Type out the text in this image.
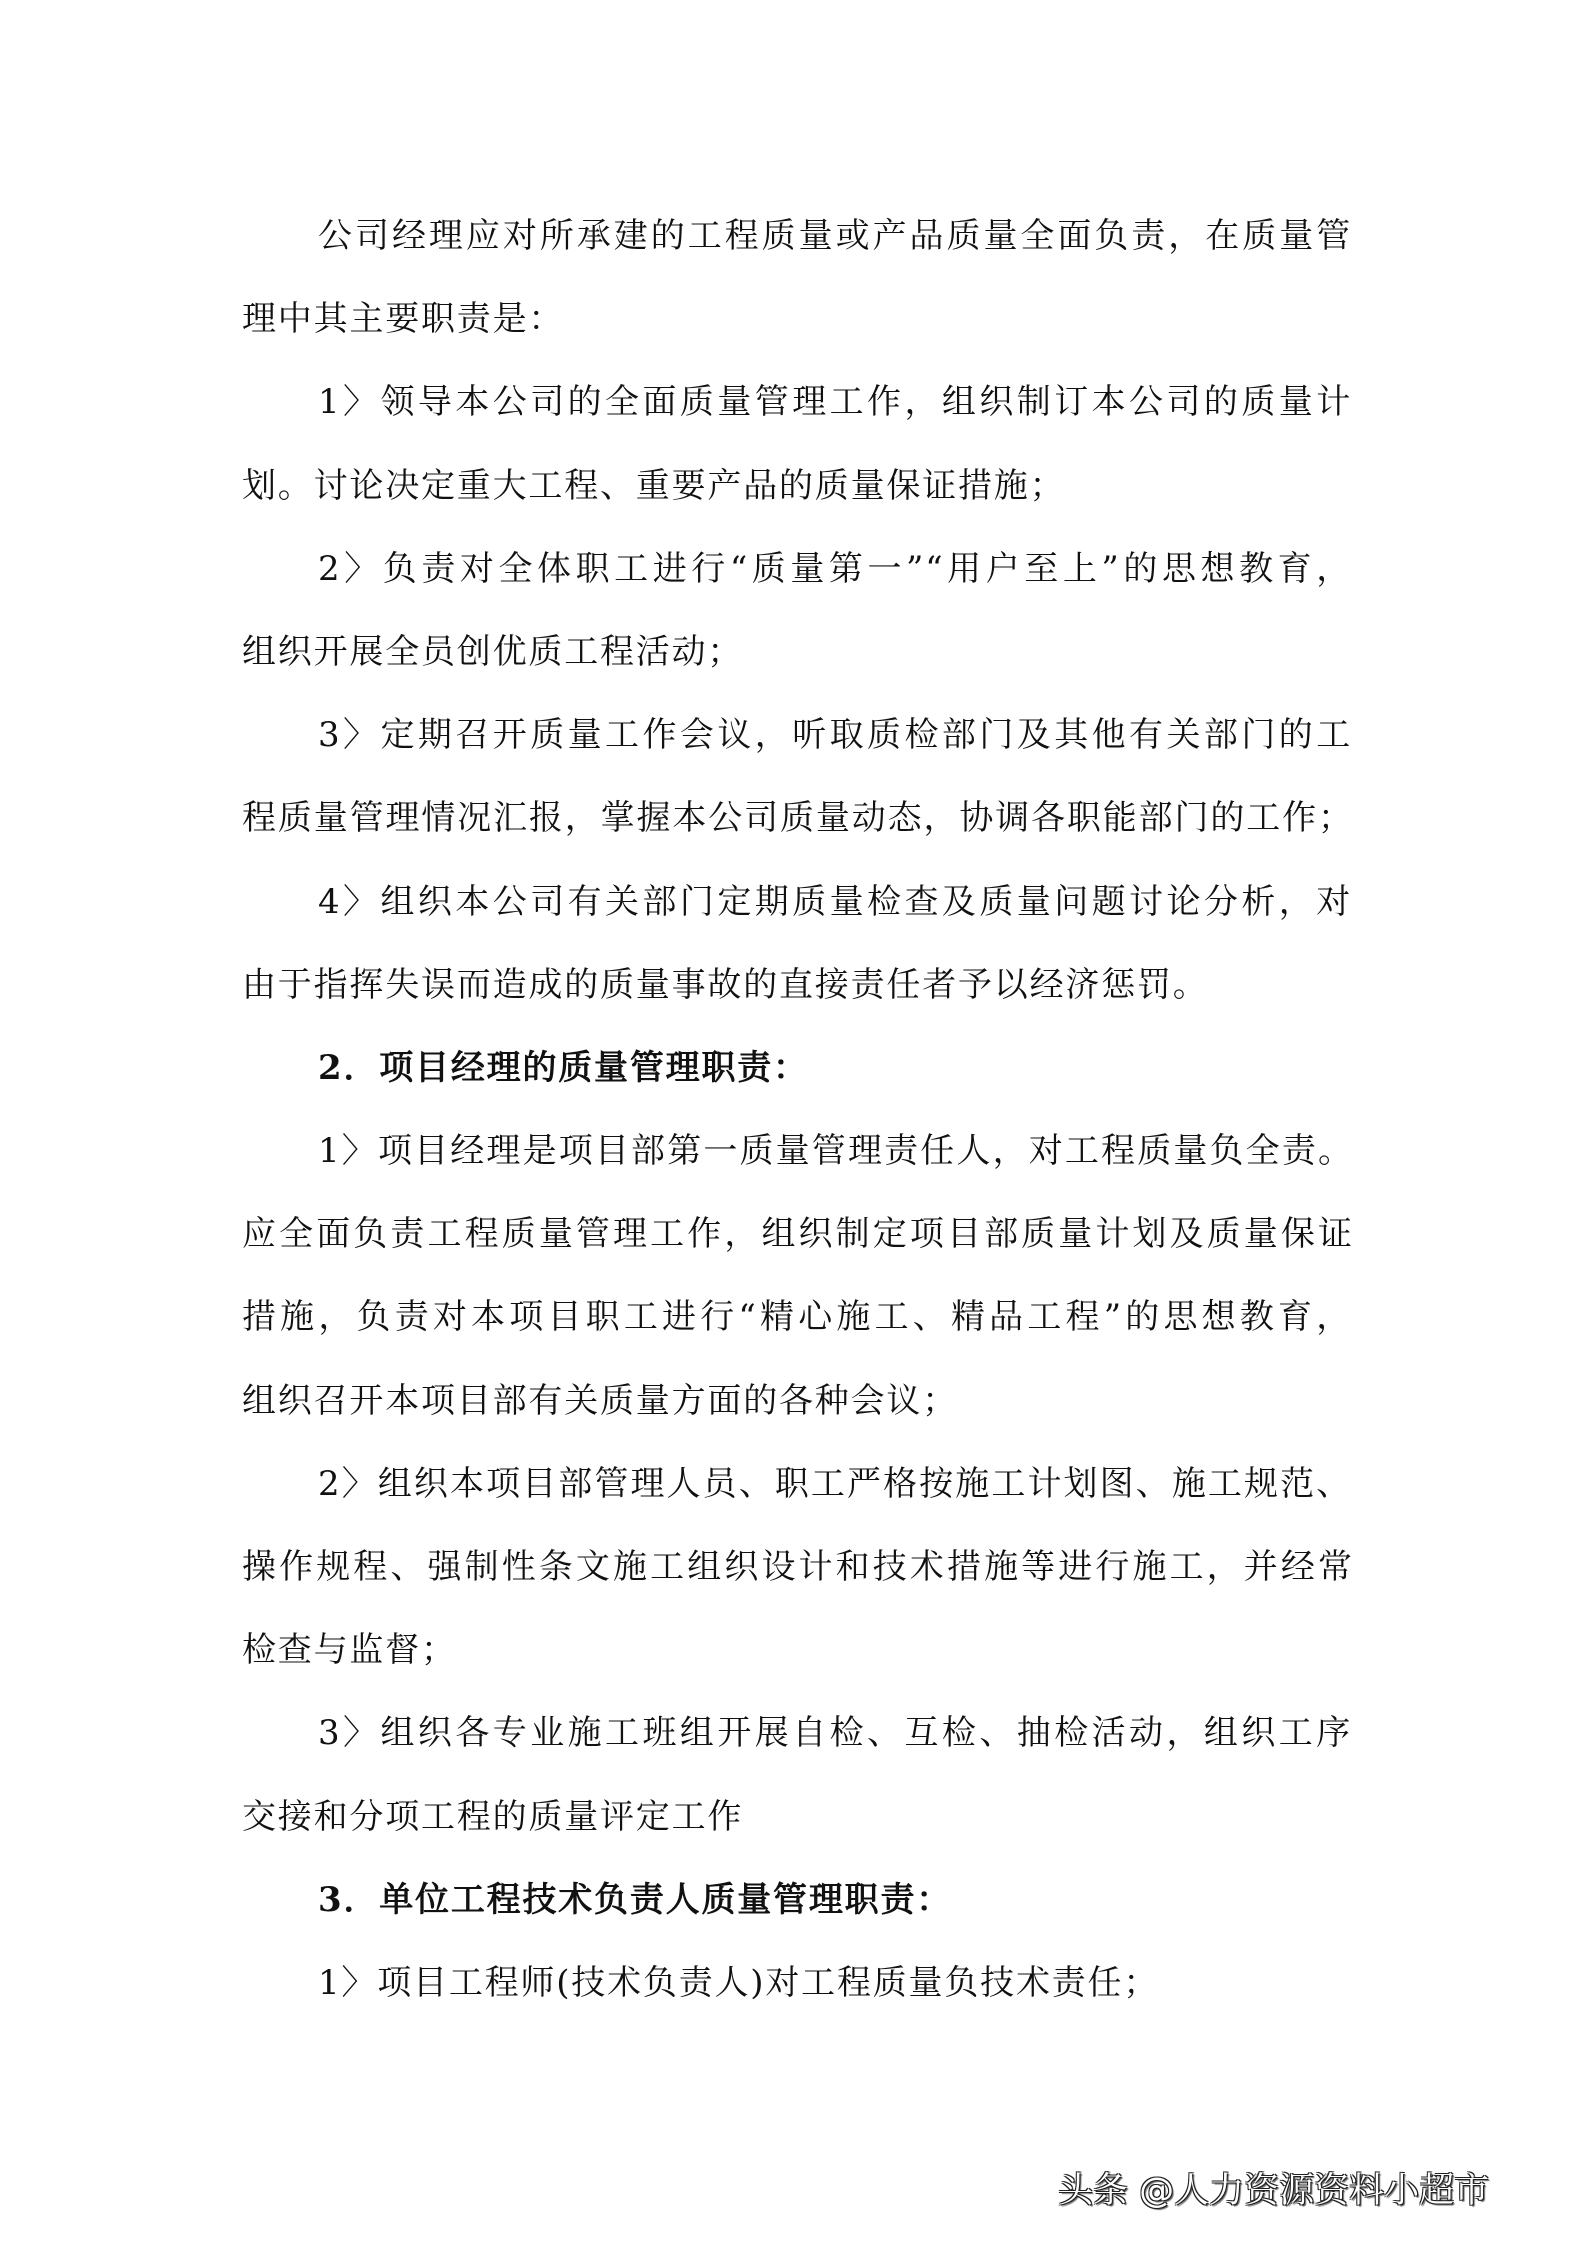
公司经理应对所承建的工程质量或产品质量全面负责，在质量管
理中其主要职责是：
1〉领导本公司的全面质量管理工作，组织制订本公司的质量计
划。讨论决定重大工程、重要产品的质量保证措施；
2〉负责对全体职工进行“质量第一”“用户至上”的思想教育，
组织开展全员创优质工程活动；
3〉定期召开质量工作会议，听取质检部门及其他有关部门的工
程质量管理情况汇报，掌握本公司质量动态，协调各职能部门的工作；
4〉组织本公司有关部门定期质量检查及质量问题讨论分析，对
由于指挥失误而造成的质量事故的直接责任者予以经济惩罚。
2．项目经理的质量管理职责：
1〉项目经理是项目部第一质量管理责任人，对工程质量负全责。
应全面负责工程质量管理工作，组织制定项目部质量计划及质量保证
措施，负责对本项目职工进行“精心施工、精品工程”的思想教育，
组织召开本项目部有关质量方面的各种会议；
2〉组织本项目部管理人员、职工严格按施工计划图、施工规范、
操作规程、强制性条文施工组织设计和技术措施等进行施工，并经常
检查与监督；
3〉组织各专业施工班组开展自检、互检、抽检活动，组织工序
交接和分项工程的质量评定工作
3．单位工程技术负责人质量管理职责：
1〉项目工程师(技术负责人)对工程质量负技术责任；
头条 @人力资源资料小超市
